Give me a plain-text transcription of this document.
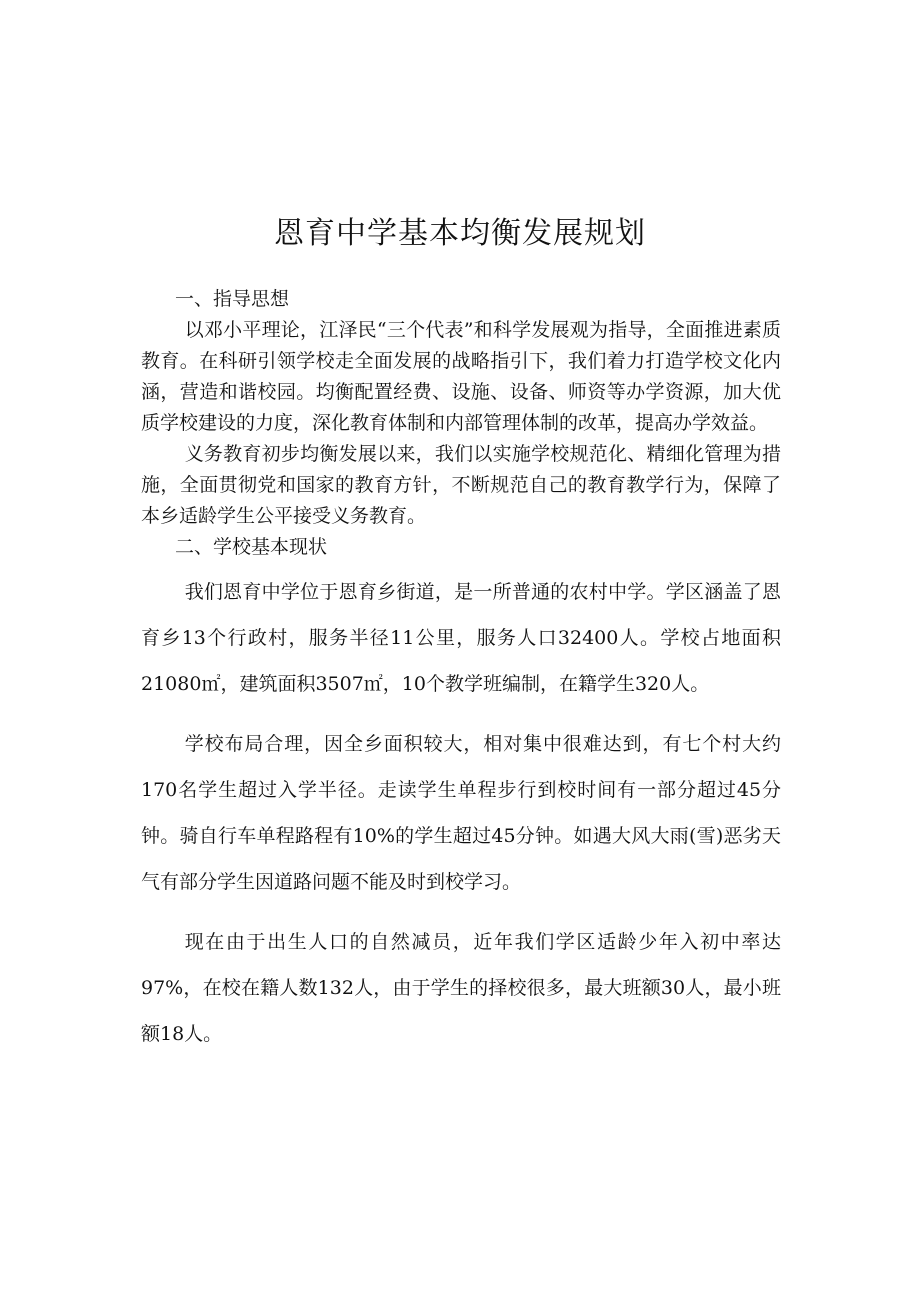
恩育中学基本均衡发展规划
一、指导思想

以邓小平理论，江泽民“三个代表”和科学发展观为指导，全面推进素质教育。在科研引领学校走全面发展的战略指引下，我们着力打造学校文化内涵，营造和谐校园。均衡配置经费、设施、设备、师资等办学资源，加大优质学校建设的力度，深化教育体制和内部管理体制的改革，提高办学效益。

义务教育初步均衡发展以来，我们以实施学校规范化、精细化管理为措施，全面贯彻党和国家的教育方针，不断规范自己的教育教学行为，保障了本乡适龄学生公平接受义务教育。

二、学校基本现状

我们恩育中学位于恩育乡街道，是一所普通的农村中学。学区涵盖了恩育乡13个行政村，服务半径11公里，服务人口32400人。学校占地面积21080㎡，建筑面积3507㎡，10个教学班编制，在籍学生320人。

学校布局合理，因全乡面积较大，相对集中很难达到，有七个村大约170名学生超过入学半径。走读学生单程步行到校时间有一部分超过45分钟。骑自行车单程路程有10%的学生超过45分钟。如遇大风大雨(雪)恶劣天气有部分学生因道路问题不能及时到校学习。

现在由于出生人口的自然减员，近年我们学区适龄少年入初中率达97%，在校在籍人数132人，由于学生的择校很多，最大班额30人，最小班额18人。
